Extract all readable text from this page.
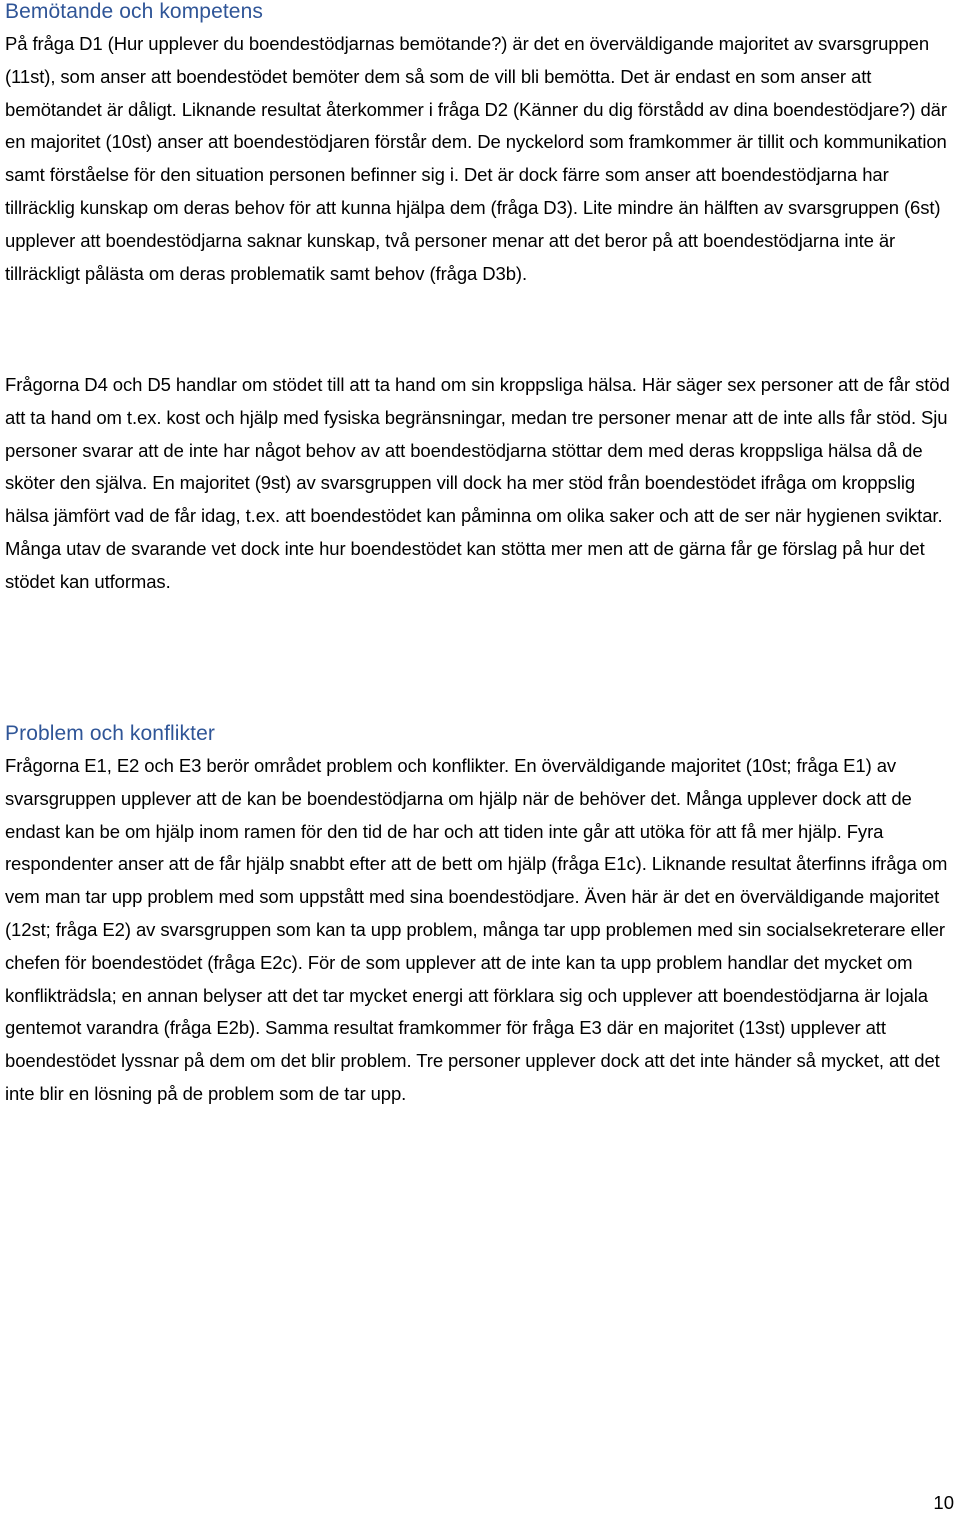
Bemötande och kompetens

På fråga D1 (Hur upplever du boendestödjarnas bemötande?) är det en överväldigande majoritet av svarsgruppen (11st), som anser att boendestödet bemöter dem så som de vill bli bemötta. Det är endast en som anser att bemötandet är dåligt. Liknande resultat återkommer i fråga D2 (Känner du dig förstådd av dina boendestödjare?) där en majoritet (10st) anser att boendestödjaren förstår dem. De nyckelord som framkommer är tillit och kommunikation samt förståelse för den situation personen befinner sig i. Det är dock färre som anser att boendestödjarna har tillräcklig kunskap om deras behov för att kunna hjälpa dem (fråga D3). Lite mindre än hälften av svarsgruppen (6st) upplever att boendestödjarna saknar kunskap, två personer menar att det beror på att boendestödjarna inte är tillräckligt pålästa om deras problematik samt behov (fråga D3b).

Frågorna D4 och D5 handlar om stödet till att ta hand om sin kroppsliga hälsa. Här säger sex personer att de får stöd att ta hand om t.ex. kost och hjälp med fysiska begränsningar, medan tre personer menar att de inte alls får stöd. Sju personer svarar att de inte har något behov av att boendestödjarna stöttar dem med deras kroppsliga hälsa då de sköter den själva. En majoritet (9st) av svarsgruppen vill dock ha mer stöd från boendestödet ifråga om kroppslig hälsa jämfört vad de får idag, t.ex. att boendestödet kan påminna om olika saker och att de ser när hygienen sviktar. Många utav de svarande vet dock inte hur boendestödet kan stötta mer men att de gärna får ge förslag på hur det stödet kan utformas.

Problem och konflikter

Frågorna E1, E2 och E3 berör området problem och konflikter. En överväldigande majoritet (10st; fråga E1) av svarsgruppen upplever att de kan be boendestödjarna om hjälp när de behöver det. Många upplever dock att de endast kan be om hjälp inom ramen för den tid de har och att tiden inte går att utöka för att få mer hjälp. Fyra respondenter anser att de får hjälp snabbt efter att de bett om hjälp (fråga E1c). Liknande resultat återfinns ifråga om vem man tar upp problem med som uppstått med sina boendestödjare. Även här är det en överväldigande majoritet (12st; fråga E2) av svarsgruppen som kan ta upp problem, många tar upp problemen med sin socialsekreterare eller chefen för boendestödet (fråga E2c). För de som upplever att de inte kan ta upp problem handlar det mycket om konflikträdsla; en annan belyser att det tar mycket energi att förklara sig och upplever att boendestödjarna är lojala gentemot varandra (fråga E2b). Samma resultat framkommer för fråga E3 där en majoritet (13st) upplever att boendestödet lyssnar på dem om det blir problem. Tre personer upplever dock att det inte händer så mycket, att det inte blir en lösning på de problem som de tar upp.

10
